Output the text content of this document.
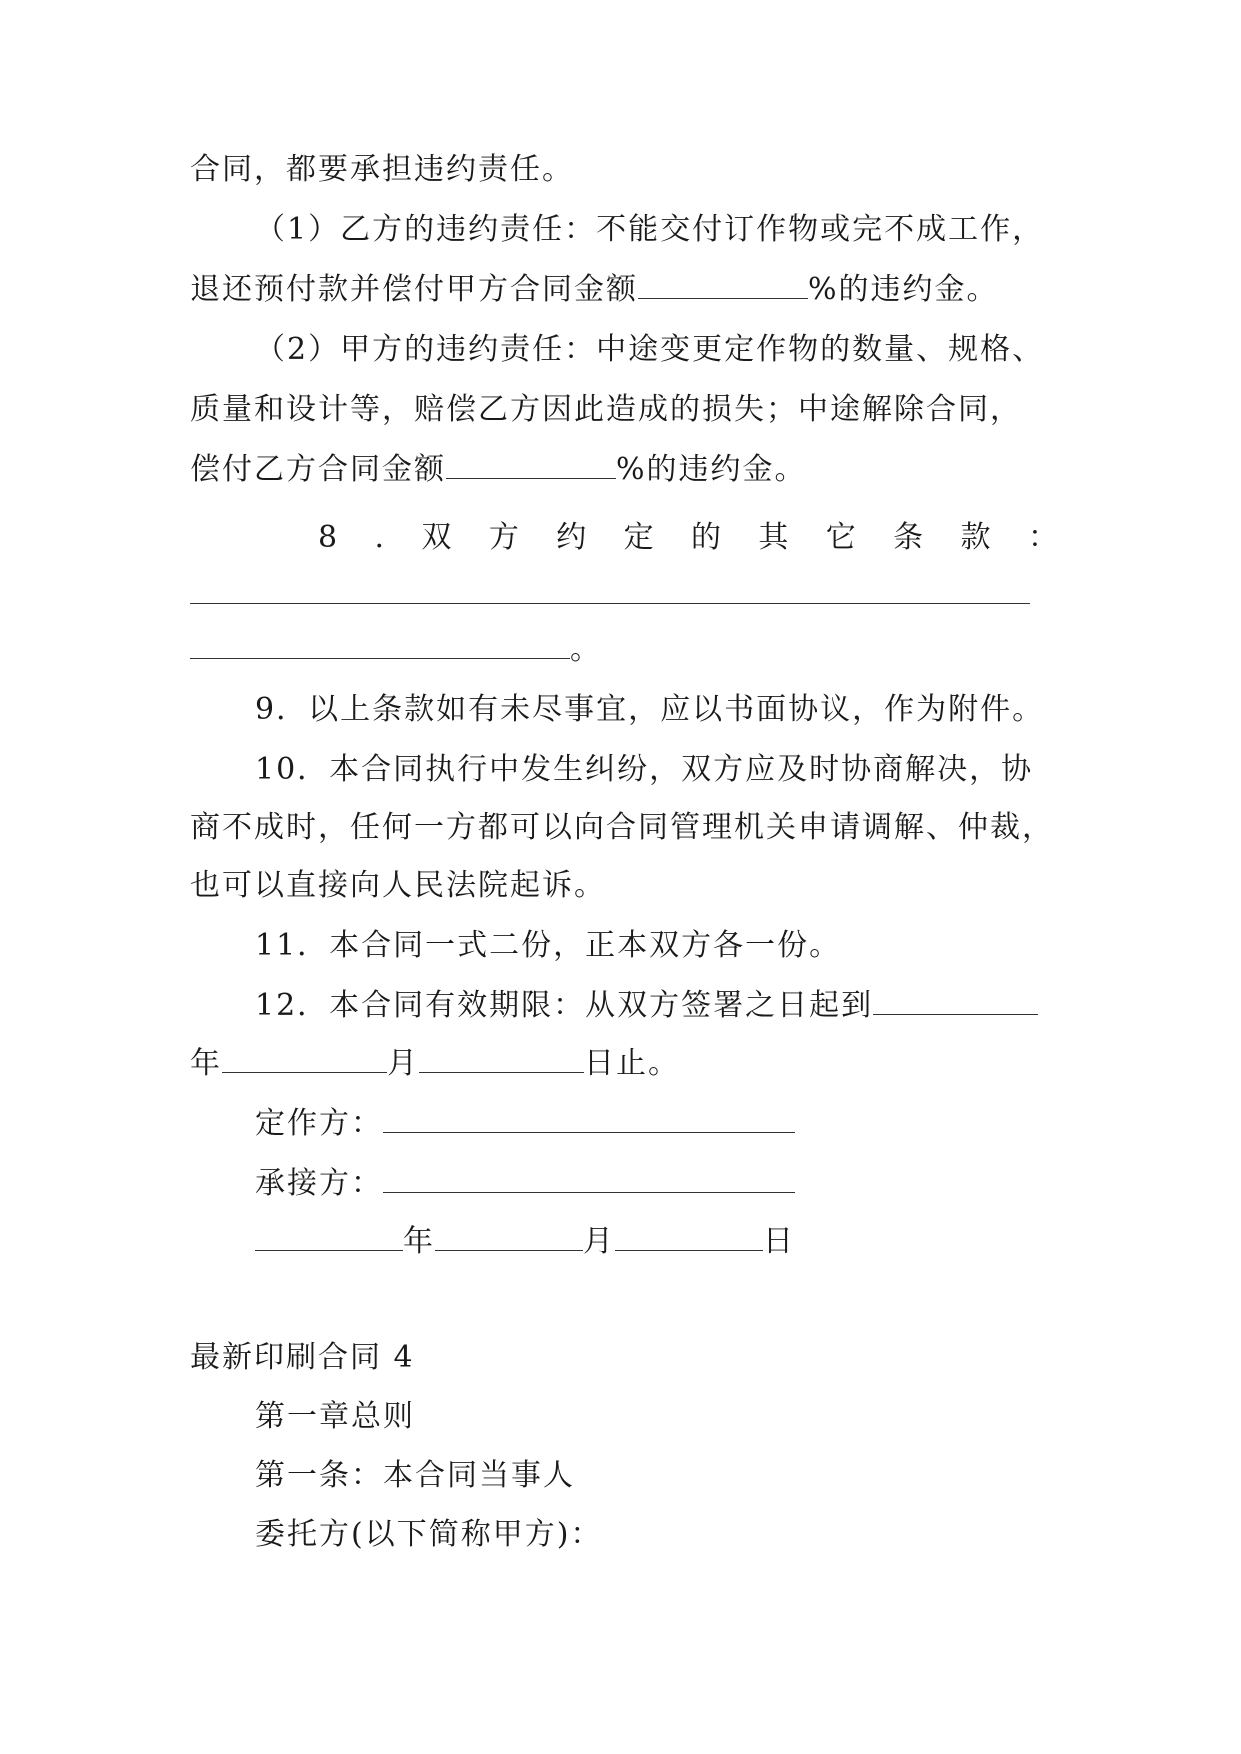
合同，都要承担违约责任。
（1）乙方的违约责任：不能交付订作物或完不成工作，
退还预付款并偿付甲方合同金额	%的违约金。
（2）甲方的违约责任：中途变更定作物的数量、规格、
质量和设计等，赔偿乙方因此造成的损失；中途解除合同，
偿付乙方合同金额	%的违约金。
8 . 双 方 约 定 的 其 它 条 款 ：
。
9．以上条款如有未尽事宜，应以书面协议，作为附件。
10．本合同执行中发生纠纷，双方应及时协商解决，协
商不成时，任何一方都可以向合同管理机关申请调解、仲裁，
也可以直接向人民法院起诉。
11．本合同一式二份，正本双方各一份。
12．本合同有效期限：从双方签署之日起到
年	月	日止。
定作方：
承接方：
年	月	日
最新印刷合同 4
第一章总则
第一条：本合同当事人
委托方(以下简称甲方)：
